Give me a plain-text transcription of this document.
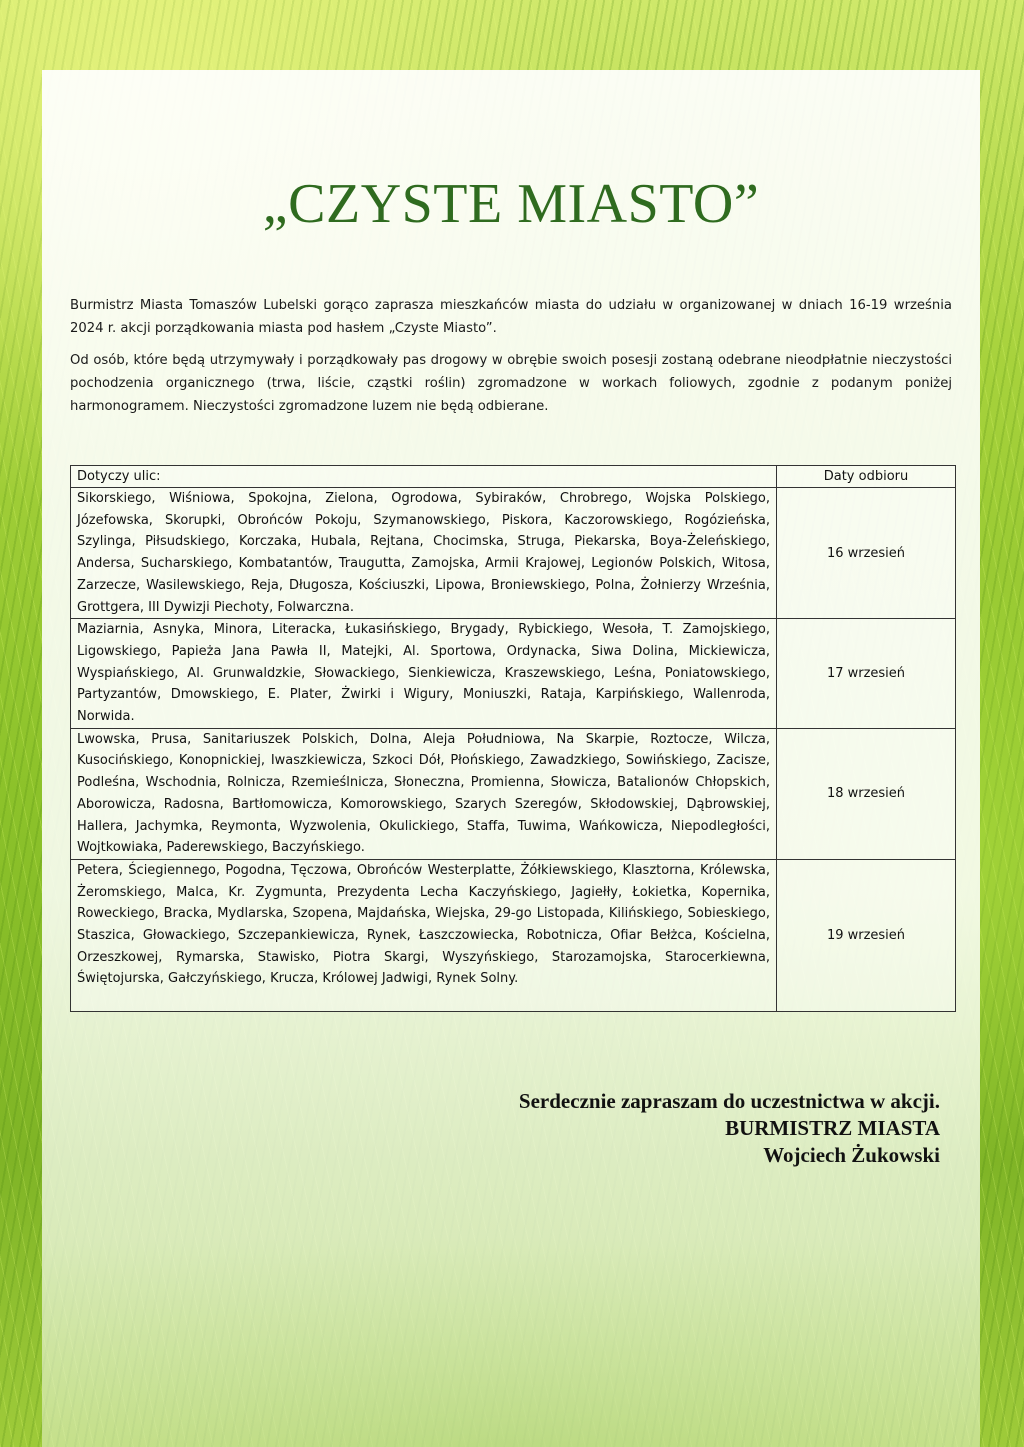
„CZYSTE MIASTO”

Burmistrz Miasta Tomaszów Lubelski gorąco zaprasza mieszkańców miasta do udziału w organizowanej w dniach 16-19 września 2024 r. akcji porządkowania miasta pod hasłem „Czyste Miasto”.

Od osób, które będą utrzymywały i porządkowały pas drogowy w obrębie swoich posesji zostaną odebrane nieodpłatnie nieczystości pochodzenia organicznego (trwa, liście, cząstki roślin) zgromadzone w workach foliowych, zgodnie z podanym poniżej harmonogramem. Nieczystości zgromadzone luzem nie będą odbierane.

Dotyczy ulic:	Daty odbioru
Sikorskiego, Wiśniowa, Spokojna, Zielona, Ogrodowa, Sybiraków, Chrobrego, Wojska Polskiego, Józefowska, Skorupki, Obrońców Pokoju, Szymanowskiego, Piskora, Kaczorowskiego, Rogózieńska, Szylinga, Piłsudskiego, Korczaka, Hubala, Rejtana, Chocimska, Struga, Piekarska, Boya-Żeleńskiego, Andersa, Sucharskiego, Kombatantów, Traugutta, Zamojska, Armii Krajowej, Legionów Polskich, Witosa, Zarzecze, Wasilewskiego, Reja, Długosza, Kościuszki, Lipowa, Broniewskiego, Polna, Żołnierzy Września, Grottgera, III Dywizji Piechoty, Folwarczna.	16 wrzesień
Maziarnia, Asnyka, Minora, Literacka, Łukasińskiego, Brygady, Rybickiego, Wesoła, T. Zamojskiego, Ligowskiego, Papieża Jana Pawła II, Matejki, Al. Sportowa, Ordynacka, Siwa Dolina, Mickiewicza, Wyspiańskiego, Al. Grunwaldzkie, Słowackiego, Sienkiewicza, Kraszewskiego, Leśna, Poniatowskiego, Partyzantów, Dmowskiego, E. Plater, Żwirki i Wigury, Moniuszki, Rataja, Karpińskiego, Wallenroda, Norwida.	17 wrzesień
Lwowska, Prusa, Sanitariuszek Polskich, Dolna, Aleja Południowa, Na Skarpie, Roztocze, Wilcza, Kusocińskiego, Konopnickiej, Iwaszkiewicza, Szkoci Dół, Płońskiego, Zawadzkiego, Sowińskiego, Zacisze, Podleśna, Wschodnia, Rolnicza, Rzemieślnicza, Słoneczna, Promienna, Słowicza, Batalionów Chłopskich, Aborowicza, Radosna, Bartłomowicza, Komorowskiego, Szarych Szeregów, Skłodowskiej, Dąbrowskiej, Hallera, Jachymka, Reymonta, Wyzwolenia, Okulickiego, Staffa, Tuwima, Wańkowicza, Niepodległości, Wojtkowiaka, Paderewskiego, Baczyńskiego.	18 wrzesień
Petera, Ściegiennego, Pogodna, Tęczowa, Obrońców Westerplatte, Żółkiewskiego, Klasztorna, Królewska, Żeromskiego, Malca, Kr. Zygmunta, Prezydenta Lecha Kaczyńskiego, Jagiełły, Łokietka, Kopernika, Roweckiego, Bracka, Mydlarska, Szopena, Majdańska, Wiejska, 29-go Listopada, Kilińskiego, Sobieskiego, Staszica, Głowackiego, Szczepankiewicza, Rynek, Łaszczowiecka, Robotnicza, Ofiar Bełżca, Kościelna, Orzeszkowej, Rymarska, Stawisko, Piotra Skargi, Wyszyńskiego, Starozamojska, Starocerkiewna, Świętojurska, Gałczyńskiego, Krucza, Królowej Jadwigi, Rynek Solny.	19 wrzesień
Serdecznie zapraszam do uczestnictwa w akcji.
BURMISTRZ MIASTA
Wojciech Żukowski
